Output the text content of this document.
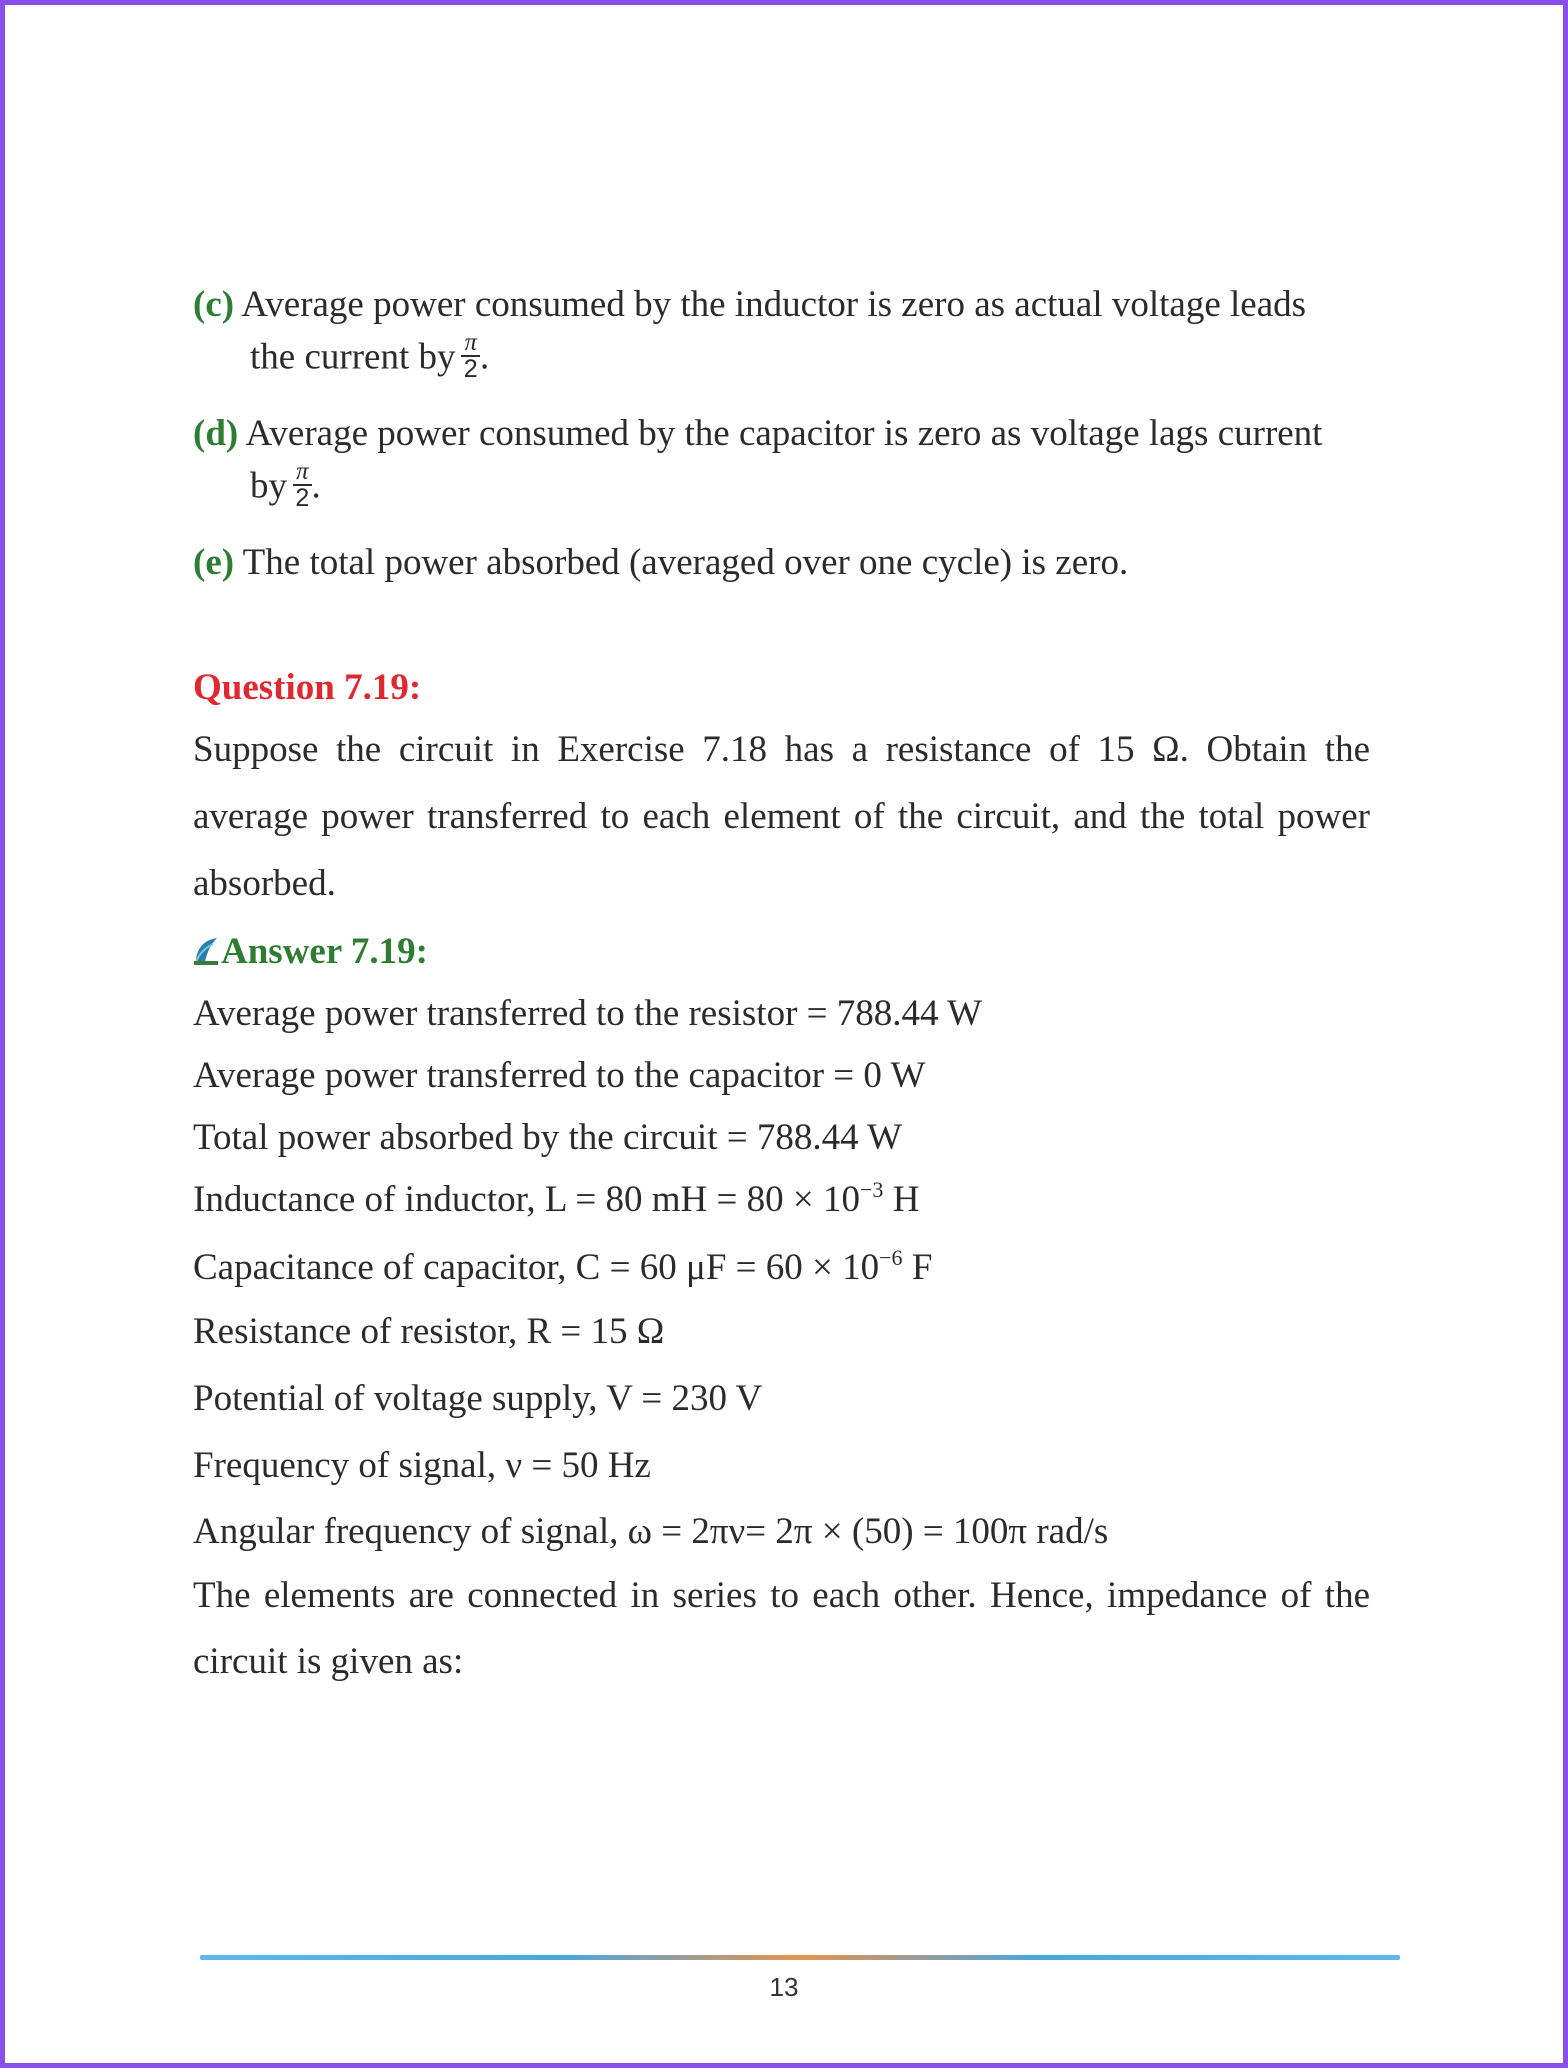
(c) Average power consumed by the inductor is zero as actual voltage leads
the current by $\frac{\pi}{2}$ .
(d) Average power consumed by the capacitor is zero as voltage lags current
by $\frac{\pi}{2}$ .
(e) The total power absorbed (averaged over one cycle) is zero.
Question 7.19:
Suppose the circuit in Exercise 7.18 has a resistance of 15 Ω. Obtain the
average power transferred to each element of the circuit, and the total power
absorbed.
Answer 7.19:
Average power transferred to the resistor = 788.44 W
Average power transferred to the capacitor = 0 W
Total power absorbed by the circuit = 788.44 W
Inductance of inductor, L = 80 mH = $80 \times 10^{-3}$ H
Capacitance of capacitor, C = 60 $\mu F = 60 \times 10^{-6}$ F
Resistance of resistor, R = 15 Ω
Potential of voltage supply, V = 230 V
Frequency of signal, ν = 50 Hz
Angular frequency of signal, ω = 2πν= 2π × (50) = 100π rad/s
The elements are connected in series to each other. Hence, impedance of the
circuit is given as:
13
